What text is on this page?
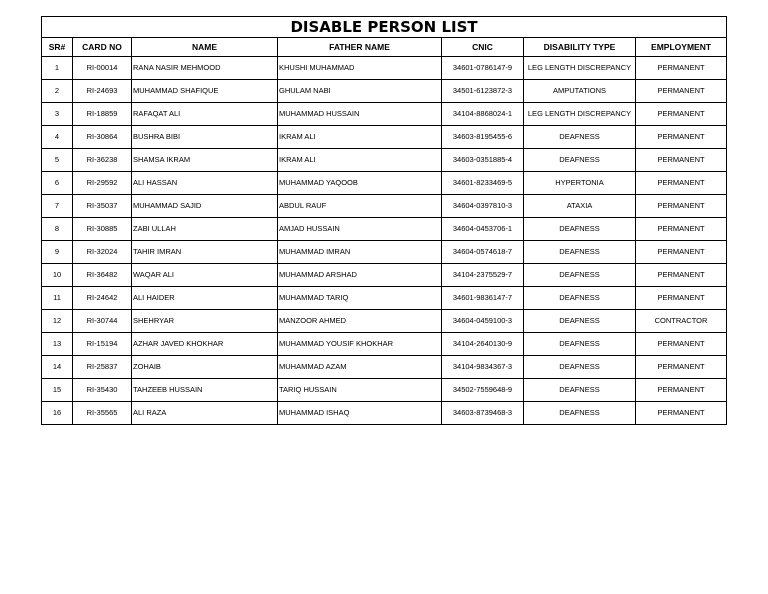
DISABLE PERSON LIST						
SR#	CARD NO	NAME	FATHER NAME	CNIC	DISABILITY TYPE	EMPLOYMENT
1	RI-00014	RANA NASIR MEHMOOD	KHUSHI MUHAMMAD	34601-0786147-9	LEG LENGTH DISCREPANCY	PERMANENT
2	RI-24693	MUHAMMAD SHAFIQUE	GHULAM NABI	34501-6123872-3	AMPUTATIONS	PERMANENT
3	RI-18859	RAFAQAT ALI	MUHAMMAD HUSSAIN	34104-8868024-1	LEG LENGTH DISCREPANCY	PERMANENT
4	RI-30864	BUSHRA BIBI	IKRAM ALI	34603-8195455-6	DEAFNESS	PERMANENT
5	RI-36238	SHAMSA IKRAM	IKRAM ALI	34603-0351885-4	DEAFNESS	PERMANENT
6	RI-29592	ALI HASSAN	MUHAMMAD YAQOOB	34601-8233469-5	HYPERTONIA	PERMANENT
7	RI-35037	MUHAMMAD SAJID	ABDUL RAUF	34604-0397810-3	ATAXIA	PERMANENT
8	RI-30885	ZABI ULLAH	AMJAD HUSSAIN	34604-0453706-1	DEAFNESS	PERMANENT
9	RI-32024	TAHIR IMRAN	MUHAMMAD IMRAN	34604-0574618-7	DEAFNESS	PERMANENT
10	RI-36482	WAQAR ALI	MUHAMMAD ARSHAD	34104-2375529-7	DEAFNESS	PERMANENT
11	RI-24642	ALI HAIDER	MUHAMMAD TARIQ	34601-9836147-7	DEAFNESS	PERMANENT
12	RI-30744	SHEHRYAR	MANZOOR AHMED	34604-0459100-3	DEAFNESS	CONTRACTOR
13	RI-15194	AZHAR JAVED KHOKHAR	MUHAMMAD YOUSIF KHOKHAR	34104-2640130-9	DEAFNESS	PERMANENT
14	RI-25837	ZOHAIB	MUHAMMAD AZAM	34104-9834367-3	DEAFNESS	PERMANENT
15	RI-35430	TAHZEEB HUSSAIN	TARIQ HUSSAIN	34502-7559648-9	DEAFNESS	PERMANENT
16	RI-35565	ALI RAZA	MUHAMMAD ISHAQ	34603-8739468-3	DEAFNESS	PERMANENT
